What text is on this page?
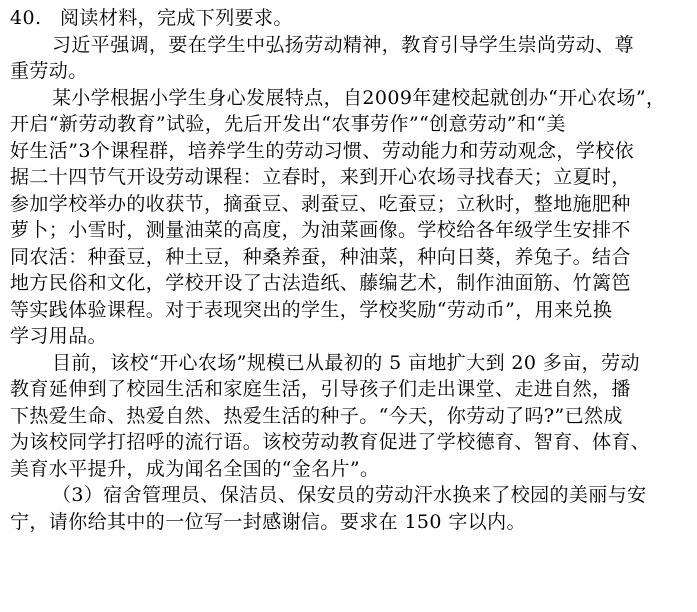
40. 阅读材料，完成下列要求。
习近平强调，要在学生中弘扬劳动精神，教育引导学生崇尚劳动、尊
重劳动。
某小学根据小学生身心发展特点，自2009年建校起就创办“开心农场”，
开启“新劳动教育”试验，先后开发出“农事劳作”“创意劳动”和“美
好生活”3个课程群，培养学生的劳动习惯、劳动能力和劳动观念，学校依
据二十四节气开设劳动课程：立春时，来到开心农场寻找春天；立夏时，
参加学校举办的收获节，摘蚕豆、剥蚕豆、吃蚕豆；立秋时，整地施肥种
萝卜；小雪时，测量油菜的高度，为油菜画像。学校给各年级学生安排不
同农活：种蚕豆，种土豆，种桑养蚕，种油菜，种向日葵，养兔子。结合
地方民俗和文化，学校开设了古法造纸、藤编艺术，制作油面筋、竹篱笆
等实践体验课程。对于表现突出的学生，学校奖励“劳动币”，用来兑换
学习用品。
目前，该校“开心农场”规模已从最初的 5 亩地扩大到 20 多亩，劳动
教育延伸到了校园生活和家庭生活，引导孩子们走出课堂、走进自然，播
下热爱生命、热爱自然、热爱生活的种子。“今天，你劳动了吗?”已然成
为该校同学打招呼的流行语。该校劳动教育促进了学校德育、智育、体育、
美育水平提升，成为闻名全国的“金名片”。
（3）宿舍管理员、保洁员、保安员的劳动汗水换来了校园的美丽与安
宁，请你给其中的一位写一封感谢信。要求在 150 字以内。
